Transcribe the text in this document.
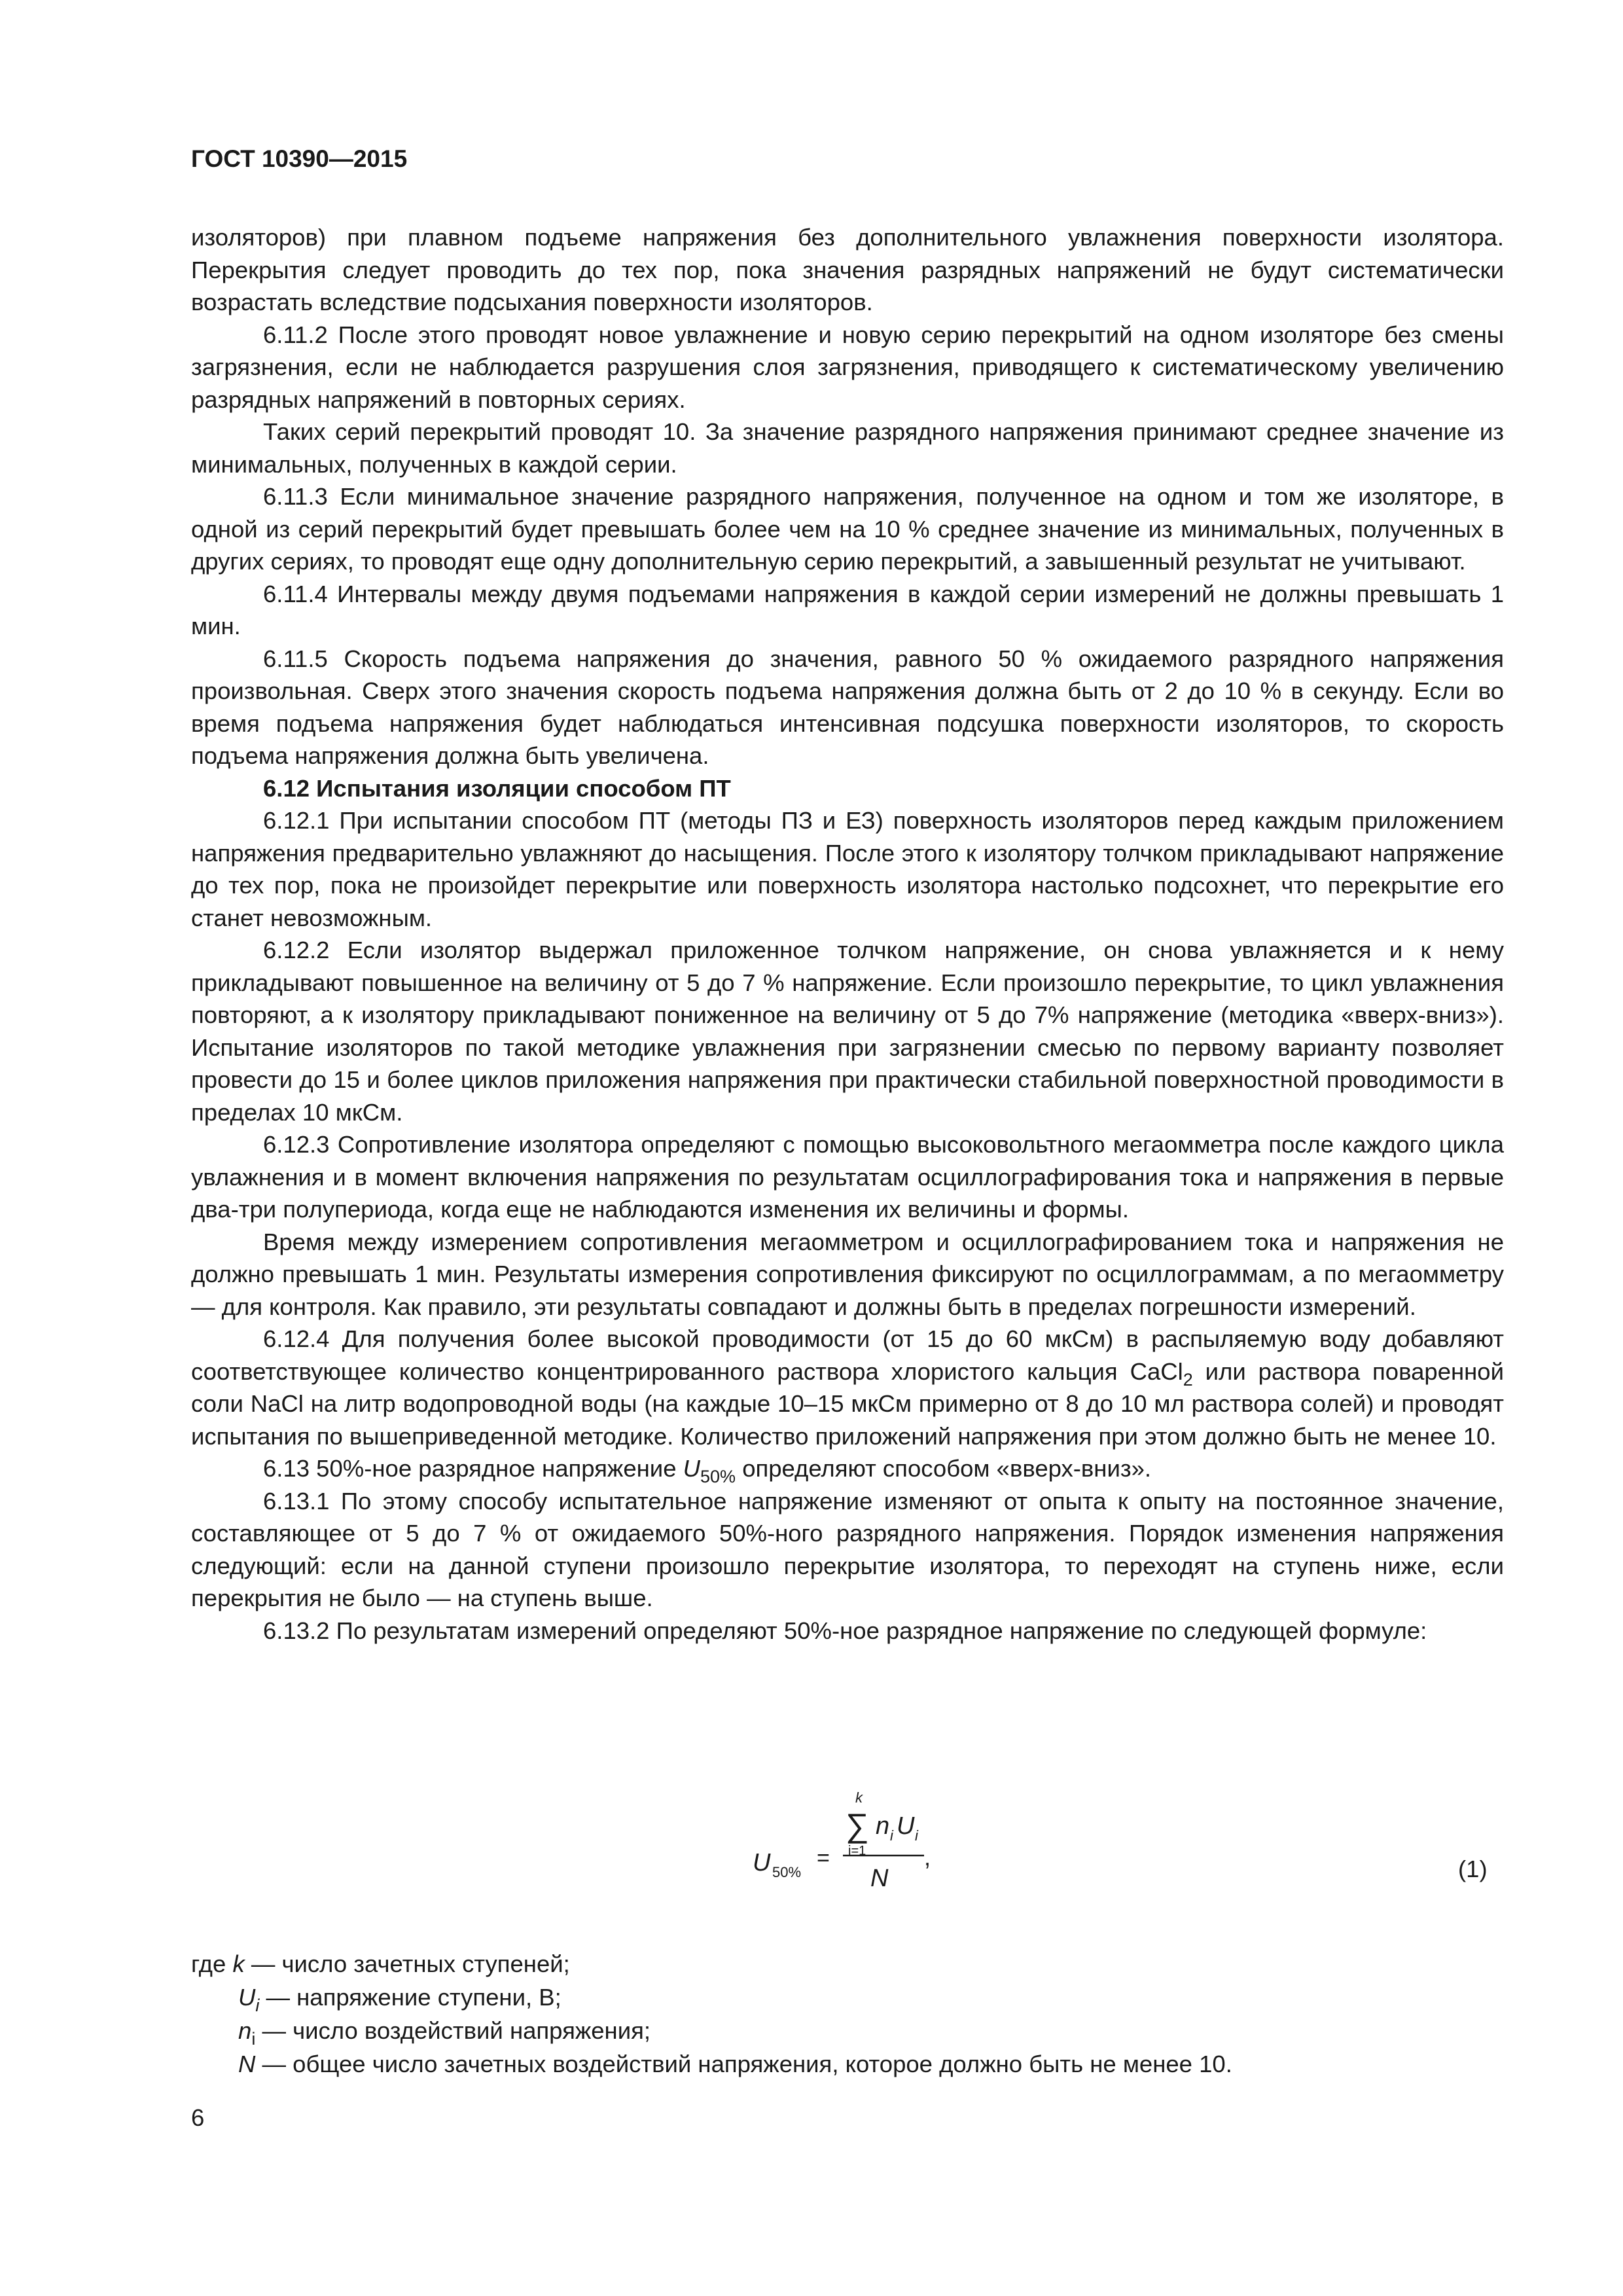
ГОСТ 10390—2015

изоляторов) при плавном подъеме напряжения без дополнительного увлажнения поверхности изоляторa. Перекрытия следует проводить до тех пор, пока значения разрядных напряжений не будут систематически возрастать вследствие подсыхания поверхности изоляторов.

6.11.2 После этого проводят новое увлажнение и новую серию перекрытий на одном изоляторе без смены загрязнения, если не наблюдается разрушения слоя загрязнения, приводящего к систематическому увеличению разрядных напряжений в повторных сериях.

Таких серий перекрытий проводят 10. За значение разрядного напряжения принимают среднее значение из минимальных, полученных в каждой серии.

6.11.3 Если минимальное значение разрядного напряжения, полученное на одном и том же изоляторе, в одной из серий перекрытий будет превышать более чем на 10 % среднее значение из минимальных, полученных в других сериях, то проводят еще одну дополнительную серию перекрытий, а завышенный результат не учитывают.

6.11.4 Интервалы между двумя подъемами напряжения в каждой серии измерений не должны превышать 1 мин.

6.11.5 Скорость подъема напряжения до значения, равного 50 % ожидаемого разрядного напряжения произвольная. Сверх этого значения скорость подъема напряжения должна быть от 2 до 10 % в секунду. Если во время подъема напряжения будет наблюдаться интенсивная подсушка поверхности изоляторов, то скорость подъема напряжения должна быть увеличена.

6.12 Испытания изоляции способом ПТ

6.12.1 При испытании способом ПТ (методы ПЗ и ЕЗ) поверхность изоляторов перед каждым приложением напряжения предварительно увлажняют до насыщения. После этого к изолятору толчком прикладывают напряжение до тех пор, пока не произойдет перекрытие или поверхность изолятора настолько подсохнет, что перекрытие его станет невозможным.

6.12.2 Если изолятор выдержал приложенное толчком напряжение, он снова увлажняется и к нему прикладывают повышенное на величину от 5 до 7 % напряжение. Если произошло перекрытие, то цикл увлажнения повторяют, а к изолятору прикладывают пониженное на величину от 5 до 7% напряжение (методика «вверх-вниз»). Испытание изоляторов по такой методике увлажнения при загрязнении смесью по первому варианту позволяет провести до 15 и более циклов приложения напряжения при практически стабильной поверхностной проводимости в пределах 10 мкСм.

6.12.3 Сопротивление изолятора определяют с помощью высоковольтного мегаомметра после каждого цикла увлажнения и в момент включения напряжения по результатам осциллографирования тока и напряжения в первые два-три полупериода, когда еще не наблюдаются изменения их величины и формы.

Время между измерением сопротивления мегаомметром и осциллографированием тока и напряжения не должно превышать 1 мин. Результаты измерения сопротивления фиксируют по осциллограммам, а по мегаомметру — для контроля. Как правило, эти результаты совпадают и должны быть в пределах погрешности измерений.

6.12.4 Для получения более высокой проводимости (от 15 до 60 мкСм) в распыляемую воду добавляют соответствующее количество концентрированного раствора хлористого кальция CaCl$_2$ или раствора поваренной соли NaCl на литр водопроводной воды (на каждые 10–15 мкСм примерно от 8 до 10 мл раствора солей) и проводят испытания по вышеприведенной методике. Количество приложений напряжения при этом должно быть не менее 10.

6.13 50%-ное разрядное напряжение $U_{50\%}$ определяют способом «вверх-вниз».

6.13.1 По этому способу испытательное напряжение изменяют от опыта к опыту на постоянное значение, составляющее от 5 до 7 % от ожидаемого 50%-ного разрядного напряжения. Порядок изменения напряжения следующий: если на данной ступени произошло перекрытие изолятора, то переходят на ступень ниже, если перекрытия не было — на ступень выше.

6.13.2 По результатам измерений определяют 50%-ное разрядное напряжение по следующей формуле:

U 50%
=
k
∑
i=1
n i U i
N
,	(1)
где k — число зачетных ступеней;
$U_i$ — напряжение ступени, В;
$n_i$ — число воздействий напряжения;
N — общее число зачетных воздействий напряжения, которое должно быть не менее 10.
6
